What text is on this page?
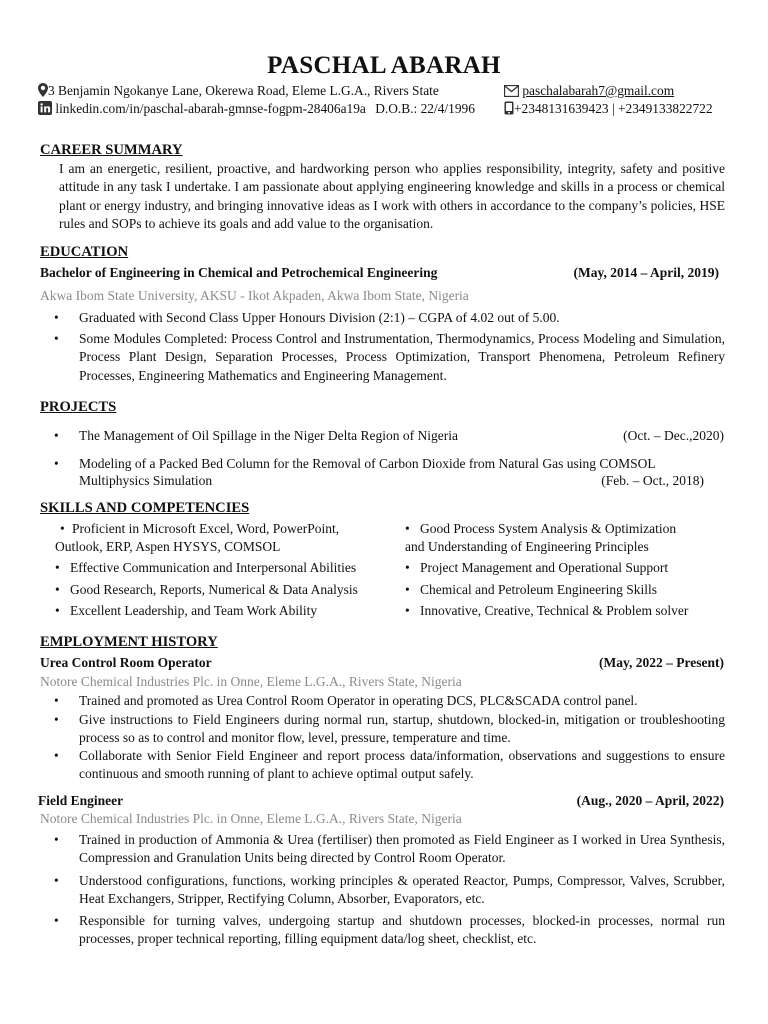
PASCHAL ABARAH
3 Benjamin Ngokanye Lane, Okerewa Road, Eleme L.G.A., Rivers State	paschalabarah7@gmail.com
linkedin.com/in/paschal-abarah-gmnse-fogpm-28406a19a D.O.B.: 22/4/1996	+2348131639423 | +2349133822722
CAREER SUMMARY
I am an energetic, resilient, proactive, and hardworking person who applies responsibility, integrity, safety and positive attitude in any task I undertake. I am passionate about applying engineering knowledge and skills in a process or chemical plant or energy industry, and bringing innovative ideas as I work with others in accordance to the company’s policies, HSE rules and SOPs to achieve its goals and add value to the organisation.
EDUCATION
Bachelor of Engineering in Chemical and Petrochemical Engineering	(May, 2014 – April, 2019)
Akwa Ibom State University, AKSU - Ikot Akpaden, Akwa Ibom State, Nigeria
• Graduated with Second Class Upper Honours Division (2:1) – CGPA of 4.02 out of 5.00.
• Some Modules Completed: Process Control and Instrumentation, Thermodynamics, Process Modeling and Simulation, Process Plant Design, Separation Processes, Process Optimization, Transport Phenomena, Petroleum Refinery Processes, Engineering Mathematics and Engineering Management.
PROJECTS
• The Management of Oil Spillage in the Niger Delta Region of Nigeria	(Oct. – Dec.,2020)
• Modeling of a Packed Bed Column for the Removal of Carbon Dioxide from Natural Gas using COMSOL
Multiphysics Simulation	(Feb. – Oct., 2018)
SKILLS AND COMPETENCIES
• Proficient in Microsoft Excel, Word, PowerPoint,
Outlook, ERP, Aspen HYSYS, COMSOL
• Effective Communication and Interpersonal Abilities
• Good Research, Reports, Numerical & Data Analysis
• Excellent Leadership, and Team Work Ability
• Good Process System Analysis & Optimization
and Understanding of Engineering Principles
• Project Management and Operational Support
• Chemical and Petroleum Engineering Skills
• Innovative, Creative, Technical & Problem solver
EMPLOYMENT HISTORY
Urea Control Room Operator	(May, 2022 – Present)
Notore Chemical Industries Plc. in Onne, Eleme L.G.A., Rivers State, Nigeria
• Trained and promoted as Urea Control Room Operator in operating DCS, PLC&SCADA control panel.
• Give instructions to Field Engineers during normal run, startup, shutdown, blocked-in, mitigation or troubleshooting process so as to control and monitor flow, level, pressure, temperature and time.
• Collaborate with Senior Field Engineer and report process data/information, observations and suggestions to ensure continuous and smooth running of plant to achieve optimal output safely.
Field Engineer	(Aug., 2020 – April, 2022)
Notore Chemical Industries Plc. in Onne, Eleme L.G.A., Rivers State, Nigeria
• Trained in production of Ammonia & Urea (fertiliser) then promoted as Field Engineer as I worked in Urea Synthesis, Compression and Granulation Units being directed by Control Room Operator.
• Understood configurations, functions, working principles & operated Reactor, Pumps, Compressor, Valves, Scrubber, Heat Exchangers, Stripper, Rectifying Column, Absorber, Evaporators, etc.
• Responsible for turning valves, undergoing startup and shutdown processes, blocked-in processes, normal run processes, proper technical reporting, filling equipment data/log sheet, checklist, etc.
